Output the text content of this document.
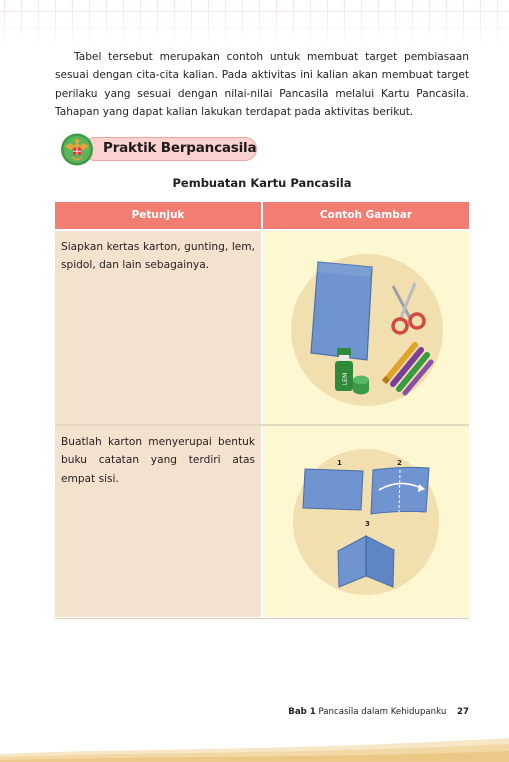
Tabel tersebut merupakan contoh untuk membuat target pembiasaan sesuai dengan cita-cita kalian. Pada aktivitas ini kalian akan membuat target perilaku yang sesuai dengan nilai-nilai Pancasila melalui Kartu Pancasila. Tahapan yang dapat kalian lakukan terdapat pada aktivitas berikut.

Praktik Berpancasila
Pembuatan Kartu Pancasila
Petunjuk	Contoh Gambar

Siapkan kertas karton, gunting, lem, spidol, dan lain sebagainya.

LEM

Buatlah karton menyerupai bentuk buku catatan yang terdiri atas empat sisi.

1	2
3
Bab 1 Pancasila dalam Kehidupanku 27
